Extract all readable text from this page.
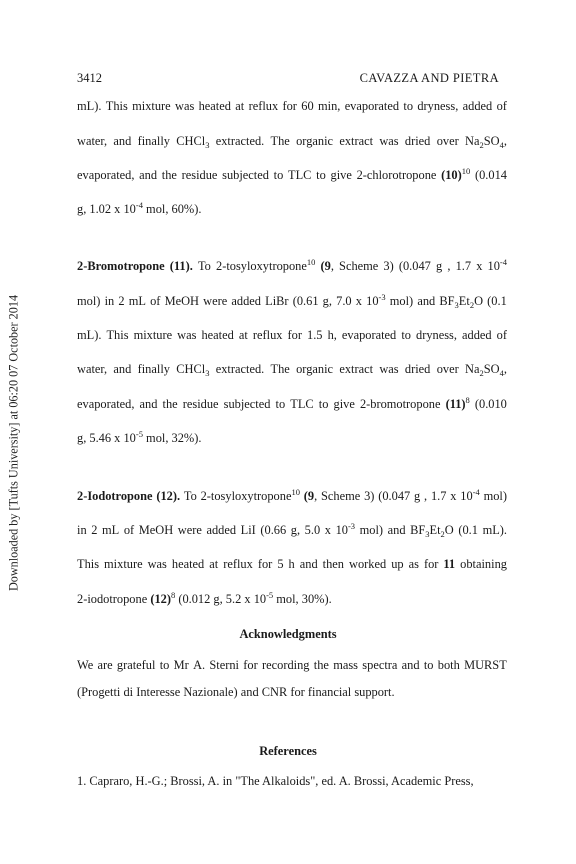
Downloaded by [Tufts University] at 06:20 07 October 2014
3412	CAVAZZA AND PIETRA
mL). This mixture was heated at reflux for 60 min, evaporated to dryness, added of
water, and finally CHCl$_3$ extracted. The organic extract was dried over $Na_2SO_4$,
evaporated, and the residue subjected to TLC to give 2-chlorotropone $(10)^{10}$ (0.014
g, 1.02 x $10^{-4}$ mol, 60%).
2-Bromotropone (11). To 2-tosyloxytropone$^{10}$ (9, Scheme 3) (0.047 g , 1.7 x $10^{-4}$
mol) in 2 mL of MeOH were added LiBr (0.61 g, 7.0 x $10^{-3}$ mol) and $BF_3Et_2O$ (0.1
mL). This mixture was heated at reflux for 1.5 h, evaporated to dryness, added of
water, and finally CHCl$_3$ extracted. The organic extract was dried over $Na_2SO_4$,
evaporated, and the residue subjected to TLC to give 2-bromotropone $(11)^8$ (0.010
g, 5.46 x $10^{-5}$ mol, 32%).
2-Iodotropone (12). To 2-tosyloxytropone$^{10}$ (9, Scheme 3) (0.047 g , 1.7 x $10^{-4}$ mol)
in 2 mL of MeOH were added LiI (0.66 g, 5.0 x $10^{-3}$ mol) and $BF_3Et_2O$ (0.1 mL).
This mixture was heated at reflux for 5 h and then worked up as for 11 obtaining
2-iodotropone $(12)^8$ (0.012 g, 5.2 x $10^{-5}$ mol, 30%).
Acknowledgments
We are grateful to Mr A. Sterni for recording the mass spectra and to both MURST
(Progetti di Interesse Nazionale) and CNR for financial support.
References
1. Capraro, H.-G.; Brossi, A. in "The Alkaloids", ed. A. Brossi, Academic Press,
